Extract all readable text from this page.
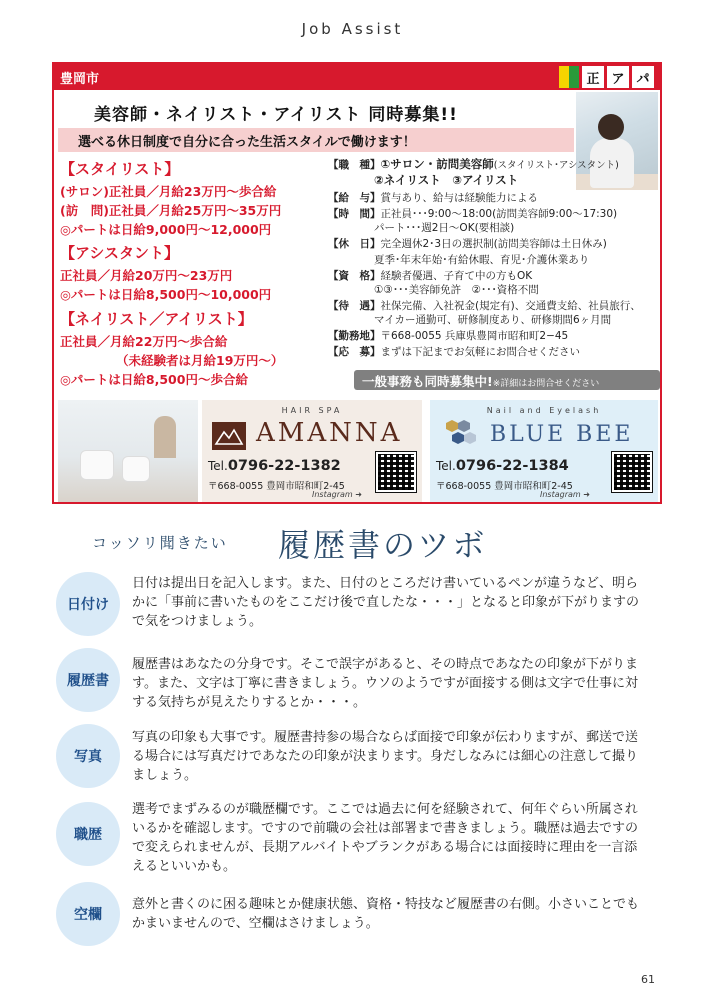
Job Assist
豊岡市	正 ア パ
美容師・ネイリスト・アイリスト 同時募集!!
選べる休日制度で自分に合った生活スタイルで働けます！
【スタイリスト】
(サロン)正社員／月給23万円～歩合給
(訪　問)正社員／月給25万円～35万円
◎パートは日給9,000円～12,000円
【アシスタント】
正社員／月給20万円～23万円
◎パートは日給8,500円～10,000円
【ネイリスト／アイリスト】
正社員／月給22万円～歩合給
（未経験者は月給19万円～）
◎パートは日給8,500円～歩合給
【職　種】①サロン・訪問美容師(スタイリスト･アシスタント)
②ネイリスト　③アイリスト
【給　与】賞与あり、給与は経験能力による
【時　間】正社員･･･9:00～18:00(訪問美容師9:00～17:30)
パート･･･週2日～OK(要相談)
【休　日】完全週休2･3日の選択制(訪問美容師は土日休み)
夏季･年末年始･有給休暇、育児･介護休業あり
【資　格】経験者優遇、子育て中の方もOK
①③･･･美容師免許　②･･･資格不問
【待　遇】社保完備、入社祝金(規定有)、交通費支給、社員旅行、
マイカー通勤可、研修制度あり、研修期間6ヶ月間
【勤務地】〒668-0055 兵庫県豊岡市昭和町2−45
【応　募】まずは下記までお気軽にお問合せください
一般事務も同時募集中!※詳細はお問合せください
HAIR SPA
AMANNA
Tel.0796-22-1382
〒668-0055 豊岡市昭和町2-45
Instagram ➜
Nail and Eyelash
BLUE BEE
Tel.0796-22-1384
〒668-0055 豊岡市昭和町2-45
Instagram ➜
コッソリ聞きたい 履歴書のツボ
日付け
日付は提出日を記入します。また、日付のところだけ書いているペンが違うなど、明らかに「事前に書いたものをここだけ後で直したな・・・」となると印象が下がりますので気をつけましょう。
履歴書
履歴書はあなたの分身です。そこで誤字があると、その時点であなたの印象が下がります。また、文字は丁寧に書きましょう。ウソのようですが面接する側は文字で仕事に対する気持ちが見えたりするとか・・・。
写真
写真の印象も大事です。履歴書持参の場合ならば面接で印象が伝わりますが、郵送で送る場合には写真だけであなたの印象が決まります。身だしなみには細心の注意して撮りましょう。
職歴
選考でまずみるのが職歴欄です。ここでは過去に何を経験されて、何年ぐらい所属されいるかを確認します。ですので前職の会社は部署まで書きましょう。職歴は過去ですので変えられませんが、長期アルバイトやブランクがある場合には面接時に理由を一言添えるといいかも。
空欄
意外と書くのに困る趣味とか健康状態、資格・特技など履歴書の右側。小さいことでもかまいませんので、空欄はさけましょう。
61
